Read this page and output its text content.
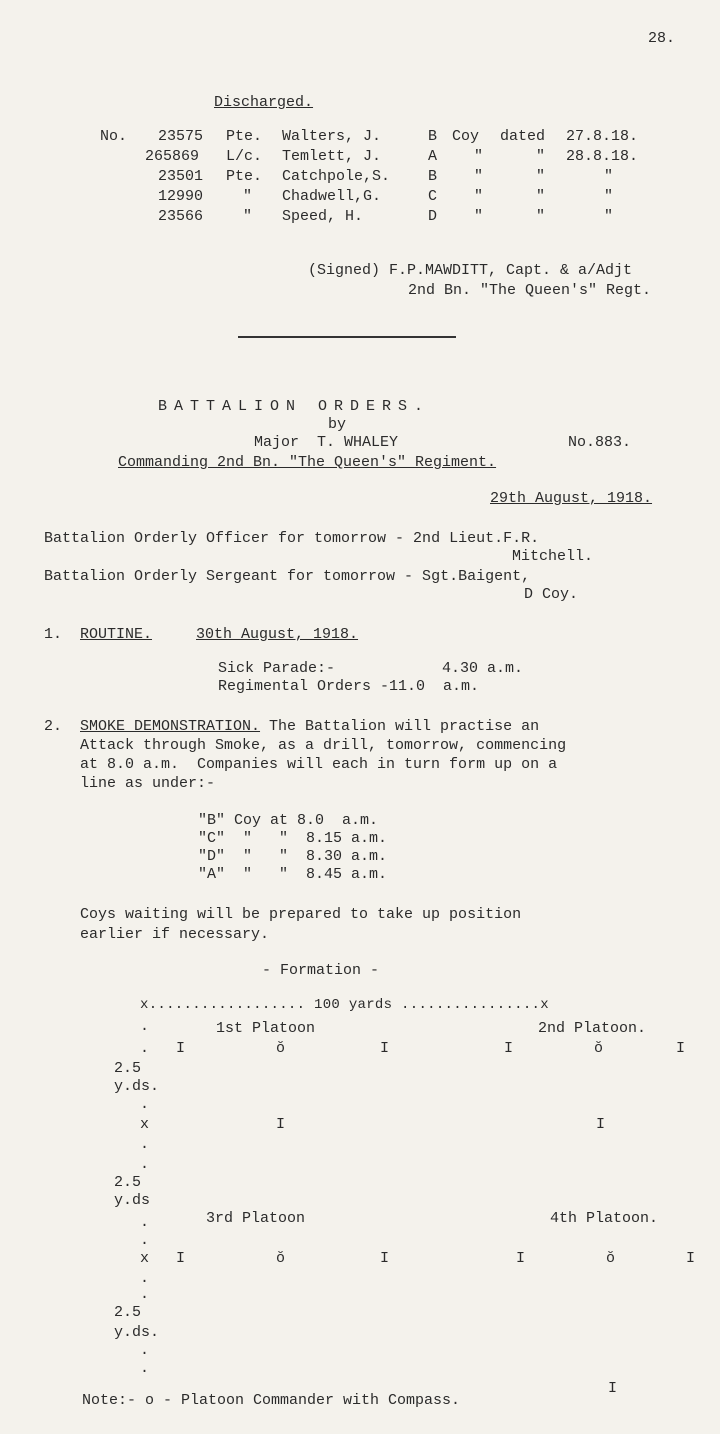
28.
Discharged.
No. 23575 Pte. Walters, J.	B Coy dated 27.8.18.
265869 L/c. Temlett, J.	A "	" 28.8.18.
23501 Pte. Catchpole,S.	B "	"	"
12990	" Chadwell,G.	C "	"	"
23566	" Speed, H.	D "	"	"
(Signed) F.P.MAWDITT, Capt. & a/Adjt
2nd Bn. "The Queen's" Regt.
BATTALION ORDERS.
by
Major  T. WHALEY	No.883.
Commanding 2nd Bn. "The Queen's" Regiment.
29th August, 1918.
Battalion Orderly Officer for tomorrow - 2nd Lieut.F.R.
Mitchell.
Battalion Orderly Sergeant for tomorrow - Sgt.Baigent,
D Coy.
1. ROUTINE.	30th August, 1918.
Sick Parade:-	4.30 a.m.
Regimental Orders -11.0  a.m.
2. SMOKE DEMONSTRATION. The Battalion will practise an
Attack through Smoke, as a drill, tomorrow, commencing
at 8.0 a.m.  Companies will each in turn form up on a
line as under:-
"B" Coy at 8.0  a.m.
"C"  "   "  8.15 a.m.
"D"  "   "  8.30 a.m.
"A"  "   "  8.45 a.m.
Coys waiting will be prepared to take up position
earlier if necessary.
- Formation -
x.................. 100 yards ................x
1st Platoon	2nd Platoon.
I	ŏ	I	I	ŏ	I
.
.
2.5
y.ds.
.
x	I	I
.
.
2.5
y.ds
3rd Platoon	4th Platoon.
.
.
x I	ŏ	I	I	ŏ	I
.
.
2.5
y.ds.
.
.
Note:- o - Platoon Commander with Compass.
I
